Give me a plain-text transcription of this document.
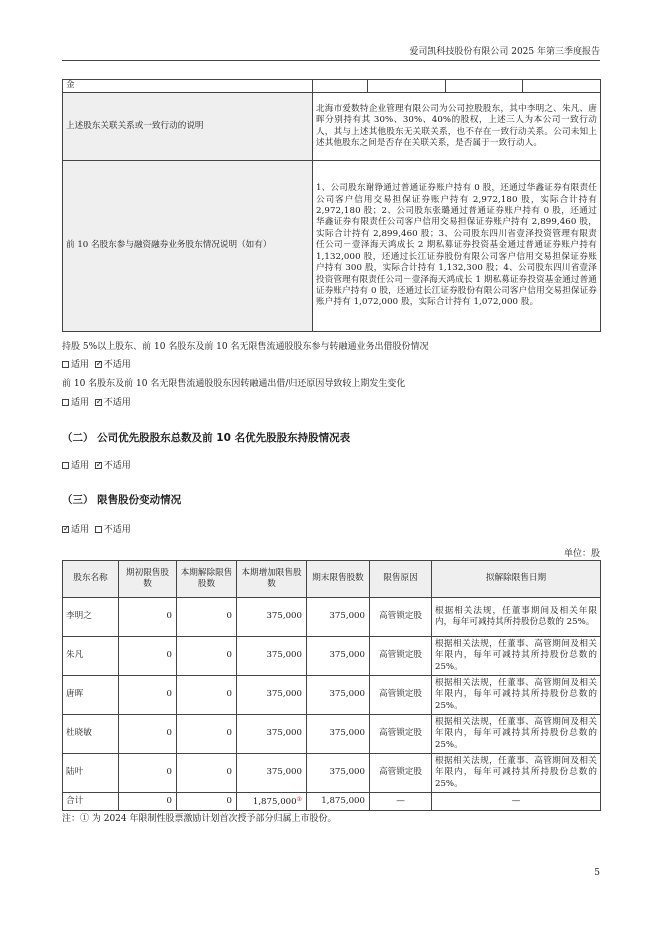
爱司凯科技股份有限公司 2025 年第三季度报告
金		

上述股东关联关系或一致行动的说明	北海市爱数特企业管理有限公司为公司控股股东，其中李明之、朱凡、唐晖分别持有其 30%、30%、40%的股权，上述三人为本公司一致行动人，其与上述其他股东无关联关系，也不存在一致行动关系。公司未知上述其他股东之间是否存在关联关系，是否属于一致行动人。	
前 10 名股东参与融资融券业务股东情况说明（如有）	1、公司股东谢铮通过普通证券账户持有 0 股，还通过华鑫证券有限责任公司客户信用交易担保证券账户持有 2,972,180 股，实际合计持有 2,972,180 股；2、公司股东张璐通过普通证券账户持有 0 股，还通过华鑫证券有限责任公司客户信用交易担保证券账户持有 2,899,460 股，实际合计持有 2,899,460 股；3、公司股东四川省壹泽投资管理有限责任公司－壹泽海天鸿成长 2 期私募证券投资基金通过普通证券账户持有 1,132,000 股，还通过长江证券股份有限公司客户信用交易担保证券账户持有 300 股，实际合计持有 1,132,300 股；4、公司股东四川省壹泽投资管理有限责任公司－壹泽海天鸿成长 1 期私募证券投资基金通过普通证券账户持有 0 股，还通过长江证券股份有限公司客户信用交易担保证券账户持有 1,072,000 股，实际合计持有 1,072,000 股。	
持股 5%以上股东、前 10 名股东及前 10 名无限售流通股股东参与转融通业务出借股份情况
适用 ✓ 不适用
前 10 名股东及前 10 名无限售流通股股东因转融通出借/归还原因导致较上期发生变化
适用 ✓ 不适用
（二） 公司优先股股东总数及前 10 名优先股股东持股情况表
适用 ✓ 不适用
（三） 限售股份变动情况
✓适用 不适用
单位：股
股东名称	期初限售股数	本期解除限售股数	本期增加限售股数	期末限售股数	限售原因	拟解除限售日期
李明之	0	0	375,000	375,000	高管锁定股	根据相关法规，任董事期间及相关年限内，每年可减持其所持股份总数的 25%。
朱凡	0	0	375,000	375,000	高管锁定股	根据相关法规，任董事、高管期间及相关年限内，每年可减持其所持股份总数的 25%。
唐晖	0	0	375,000	375,000	高管锁定股	根据相关法规，任董事、高管期间及相关年限内，每年可减持其所持股份总数的 25%。
杜晓敏	0	0	375,000	375,000	高管锁定股	根据相关法规，任董事、高管期间及相关年限内，每年可减持其所持股份总数的 25%。
陆叶	0	0	375,000	375,000	高管锁定股	根据相关法规，任董事、高管期间及相关年限内，每年可减持其所持股份总数的 25%。
合计	0	0	1,875,000①	1,875,000	—	—
注：① 为 2024 年限制性股票激励计划首次授予部分归属上市股份。
5
